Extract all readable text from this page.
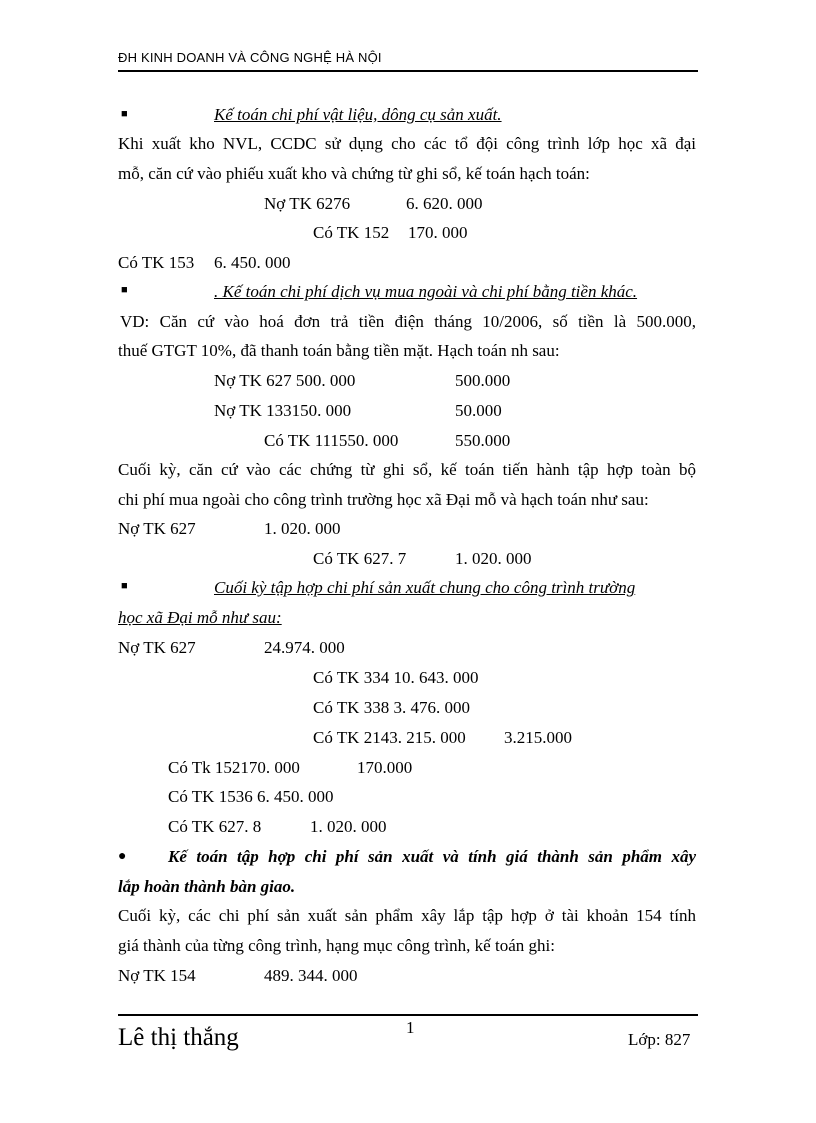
ĐH KINH DOANH VÀ CÔNG NGHỆ HÀ NỘI
■	Kế toán chi phí vật liệu, dông cụ sản xuất.
Khi xuất kho NVL, CCDC sử dụng cho các tổ đội công trình lớp học xã đại
mỗ, căn cứ vào phiếu xuất kho và chứng từ ghi sổ, kế toán hạch toán:
Nợ TK 6276	6. 620. 000
Có TK 152 170. 000
Có TK 153 6. 450. 000
■	. Kế toán chi phí dịch vụ mua ngoài và chi phí bằng tiền khác.
VD: Căn cứ vào hoá đơn trả tiền điện tháng 10/2006, số tiền là 500.000,
thuế GTGT 10%, đã thanh toán bằng tiền mặt. Hạch toán nh sau:
Nợ TK 627 500. 000	500.000
Nợ TK 133150. 000	50.000
Có TK 111550. 000	550.000
Cuối kỳ, căn cứ vào các chứng từ ghi sổ, kế toán tiến hành tập hợp toàn bộ
chi phí mua ngoài cho công trình trường học xã Đại mỗ và hạch toán như sau:
Nợ TK 627	1. 020. 000
Có TK 627. 7	1. 020. 000
■	Cuối kỳ tập hợp chi phí sản xuất chung cho công trình trường
học xã Đại mỗ như sau:
Nợ TK 627	24.974. 000
Có TK 334 10. 643. 000
Có TK 338 3. 476. 000
Có TK 2143. 215. 000 3.215.000
Có Tk 152170. 000	170.000
Có TK 1536 6. 450. 000
Có TK 627. 8	1. 020. 000
● Kế toán tập hợp chi phí sản xuất và tính giá thành sản phẩm xây
lắp hoàn thành bàn giao.
Cuối kỳ, các chi phí sản xuất sản phẩm xây lắp tập hợp ở tài khoản 154 tính
giá thành của từng công trình, hạng mục công trình, kế toán ghi:
Nợ TK 154	489. 344. 000
Lê thị thắng	1
Lớp: 827
